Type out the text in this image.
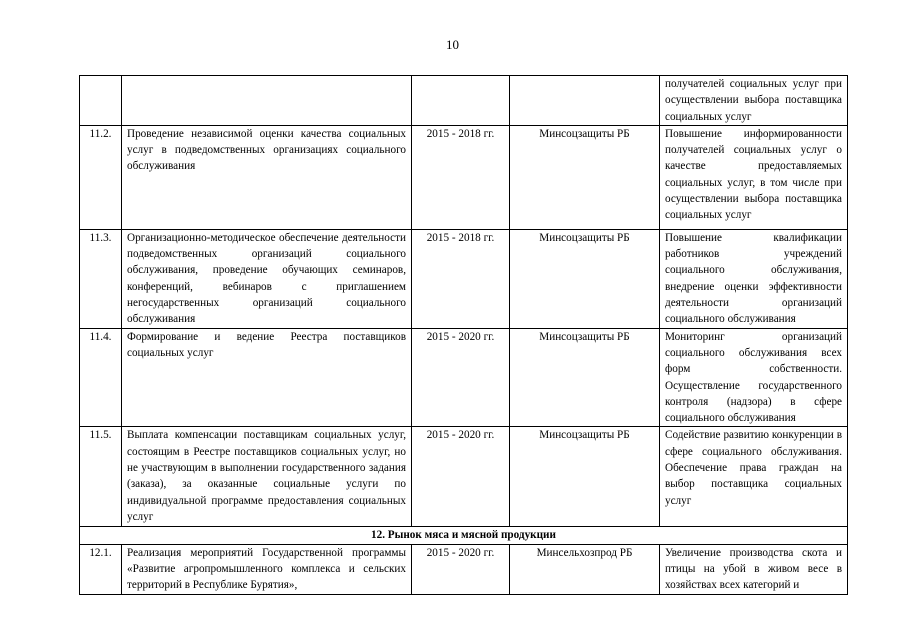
10
				получателей социальных услуг при осуществлении выбора поставщика социальных услуг
11.2.	Проведение независимой оценки качества социальных услуг в подведомственных организациях социального обслуживания	2015 - 2018 гг.	Минсоцзащиты РБ	Повышение информированности получателей социальных услуг о качестве предоставляемых социальных услуг, в том числе при осуществлении выбора поставщика социальных услуг
11.3.	Организационно-методическое обеспечение деятельности подведомственных организаций социального обслуживания, проведение обучающих семинаров, конференций, вебинаров с приглашением негосударственных организаций социального обслуживания	2015 - 2018 гг.	Минсоцзащиты РБ	Повышение квалификации работников учреждений социального обслуживания, внедрение оценки эффективности деятельности организаций социального обслуживания
11.4.	Формирование и ведение Реестра поставщиков социальных услуг	2015 - 2020 гг.	Минсоцзащиты РБ	Мониторинг организаций социального обслуживания всех форм собственности. Осуществление государственного контроля (надзора) в сфере социального обслуживания
11.5.	Выплата компенсации поставщикам социальных услуг, состоящим в Реестре поставщиков социальных услуг, но не участвующим в выполнении государственного задания (заказа), за оказанные социальные услуги по индивидуальной программе предоставления социальных услуг	2015 - 2020 гг.	Минсоцзащиты РБ	Содействие развитию конкуренции в сфере социального обслуживания. Обеспечение права граждан на выбор поставщика социальных услуг
12. Рынок мяса и мясной продукции				
12.1.	Реализация мероприятий Государственной программы «Развитие агропромышленного комплекса и сельских территорий в Республике Бурятия»,	2015 - 2020 гг.	Минсельхозпрод РБ	Увеличение производства скота и птицы на убой в живом весе в хозяйствах всех категорий и
